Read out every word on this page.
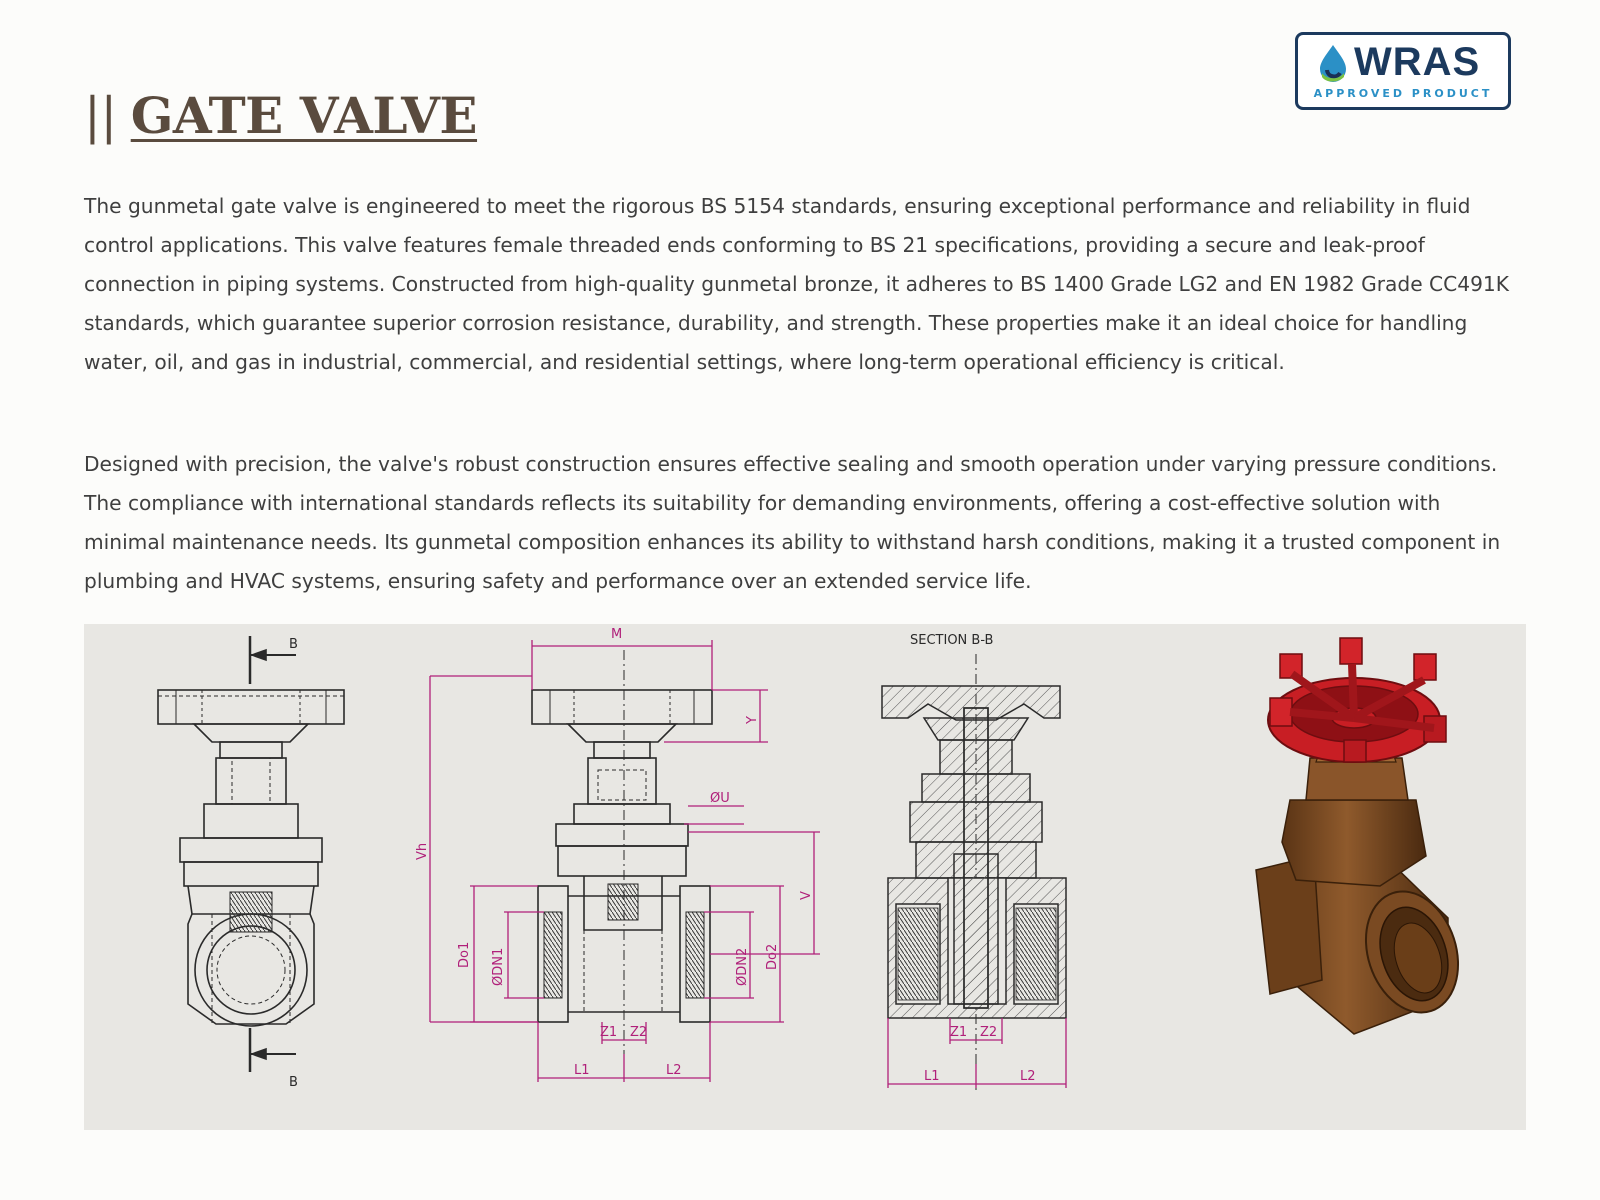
|| GATE VALVE
WRAS
APPROVED PRODUCT

The gunmetal gate valve is engineered to meet the rigorous BS 5154 standards, ensuring exceptional performance and reliability in fluid control applications. This valve features female threaded ends conforming to BS 21 specifications, providing a secure and leak-proof connection in piping systems. Constructed from high-quality gunmetal bronze, it adheres to BS 1400 Grade LG2 and EN 1982 Grade CC491K standards, which guarantee superior corrosion resistance, durability, and strength. These properties make it an ideal choice for handling water, oil, and gas in industrial, commercial, and residential settings, where long-term operational efficiency is critical.

Designed with precision, the valve's robust construction ensures effective sealing and smooth operation under varying pressure conditions. The compliance with international standards reflects its suitability for demanding environments, offering a cost-effective solution with minimal maintenance needs. Its gunmetal composition enhances its ability to withstand harsh conditions, making it a trusted component in plumbing and HVAC systems, ensuring safety and performance over an extended service life.

B
B
M
Y
ØU
Vh
V
Do1 ØDN1	ØDN2 Do2
Z1 Z2
L1	L2
SECTION B-B
Z1 Z2
L1	L2
